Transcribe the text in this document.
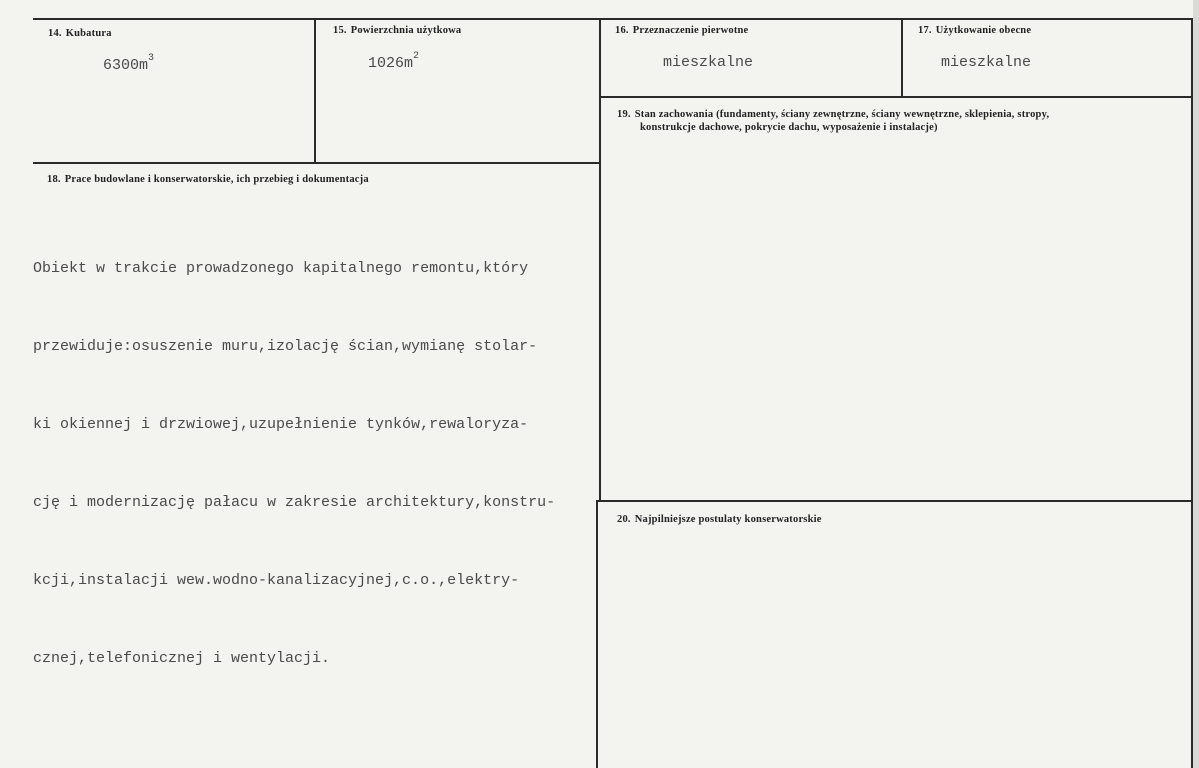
14. Kubatura
$6300m^3$
15. Powierzchnia użytkowa
$1026m^2$
16. Przeznaczenie pierwotne
mieszkalne
17. Użytkowanie obecne
mieszkalne
19. Stan zachowania (fundamenty, ściany zewnętrzne, ściany wewnętrzne, sklepienia, stropy,
konstrukcje dachowe, pokrycie dachu, wyposażenie i instalacje)
18. Prace budowlane i konserwatorskie, ich przebieg i dokumentacja

Obiekt w trakcie prowadzonego kapitalnego remontu,który

przewiduje:osuszenie muru,izolację ścian,wymianę stolar-

ki okiennej i drzwiowej,uzupełnienie tynków,rewaloryza-

cję i modernizację pałacu w zakresie architektury,konstru-

kcji,instalacji wew.wodno-kanalizacyjnej,c.o.,elektry-

cznej,telefonicznej i wentylacji.

20. Najpilniejsze postulaty konserwatorskie
